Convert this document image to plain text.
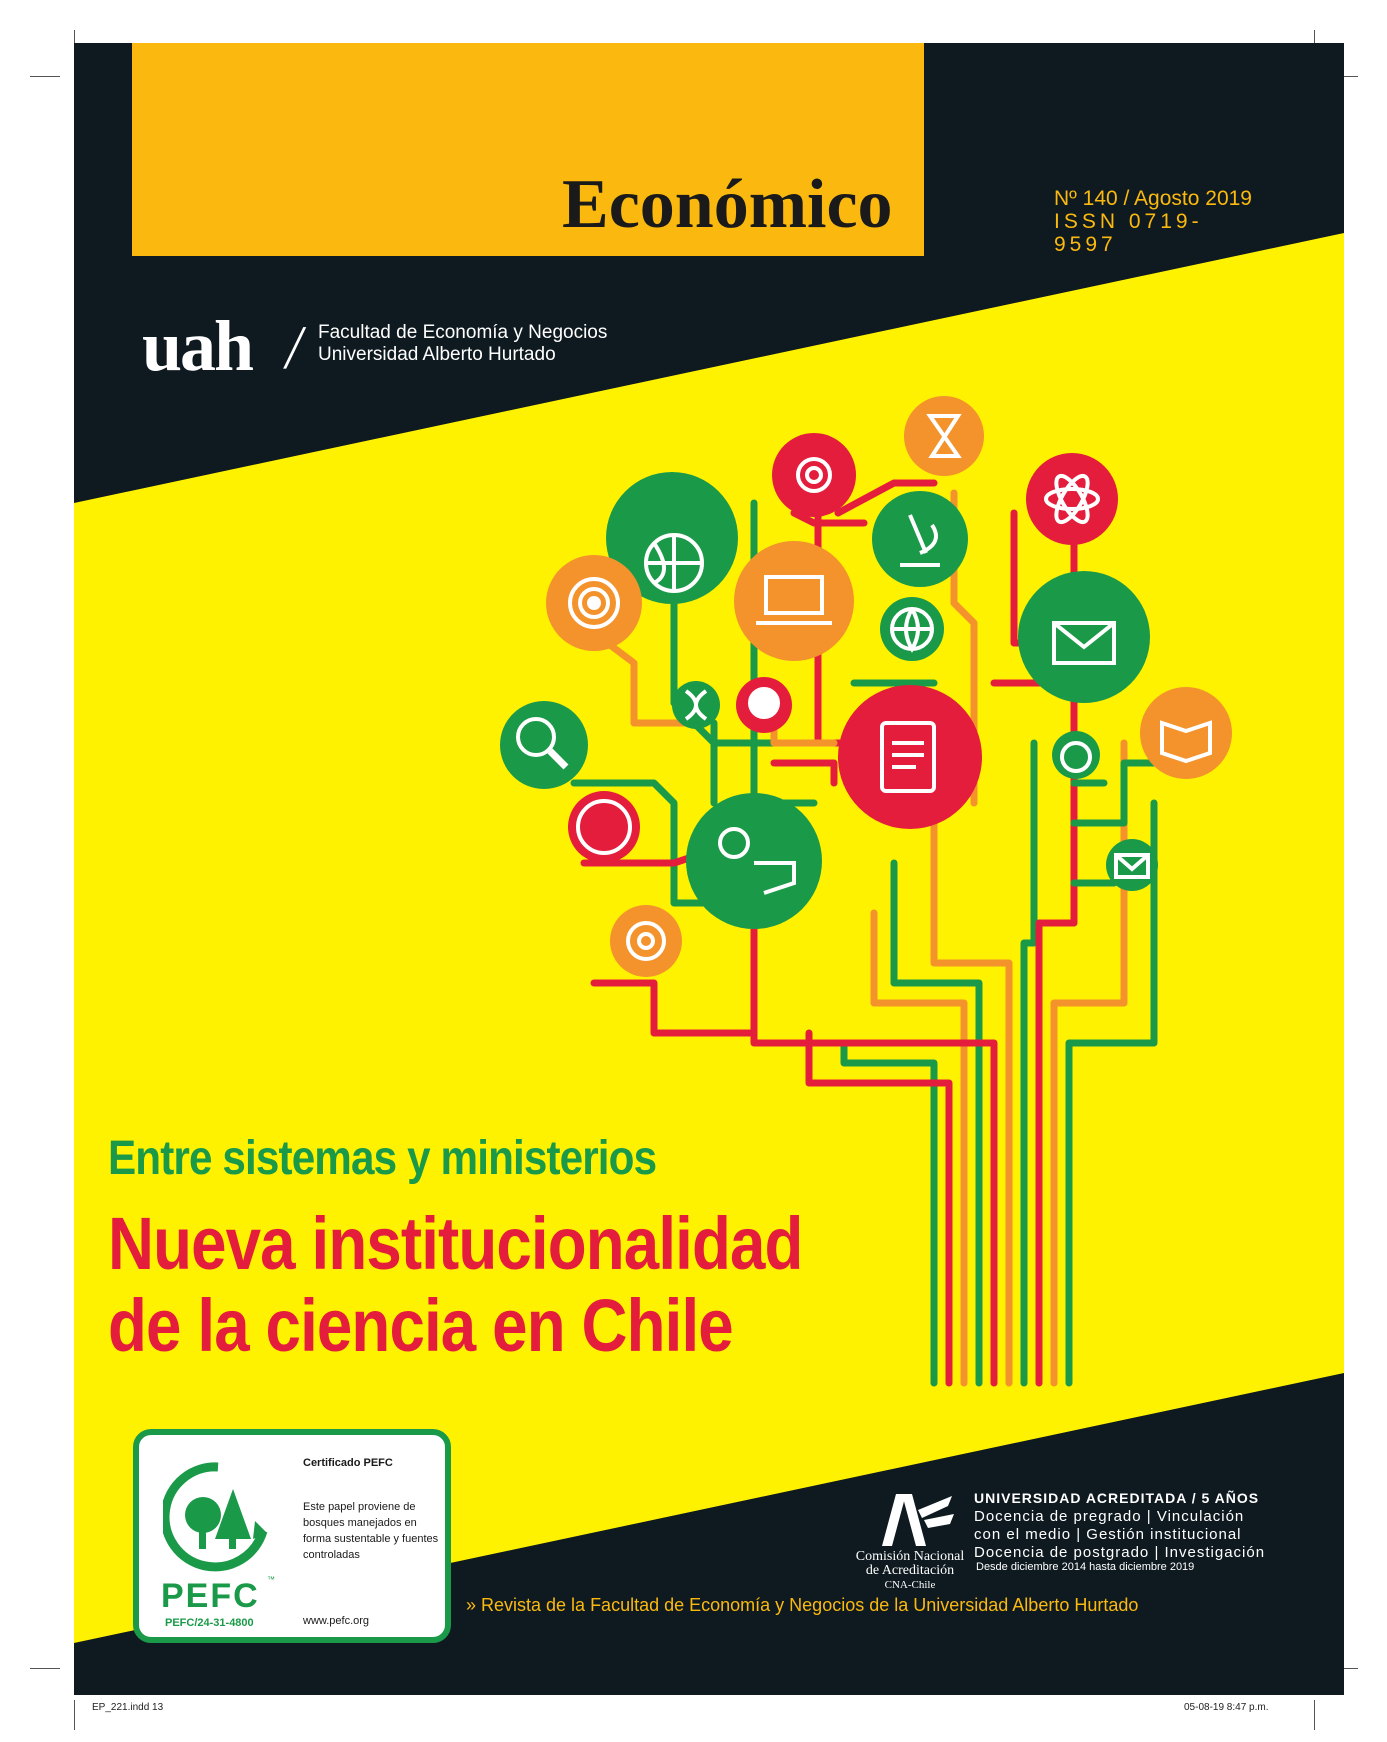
Observatorio Económico	Nº 140 / Agosto 2019
ISSN 0719-9597
uah / Facultad de Economía y Negocios
Universidad Alberto Hurtado
Entre sistemas y ministerios
Nueva institucionalidad
de la ciencia en Chile
PEFC ™
PEFC/24-31-4800
Certificado PEFC
Este papel proviene de bosques manejados en forma sustentable y fuentes controladas
www.pefc.org
Comisión Nacional
de Acreditación
CNA-Chile
UNIVERSIDAD ACREDITADA / 5 AÑOS
Docencia de pregrado | Vinculación
con el medio | Gestión institucional
Docencia de postgrado | Investigación
Desde diciembre 2014 hasta diciembre 2019
» Revista de la Facultad de Economía y Negocios de la Universidad Alberto Hurtado
EP_221.indd 13	05-08-19 8:47 p.m.
